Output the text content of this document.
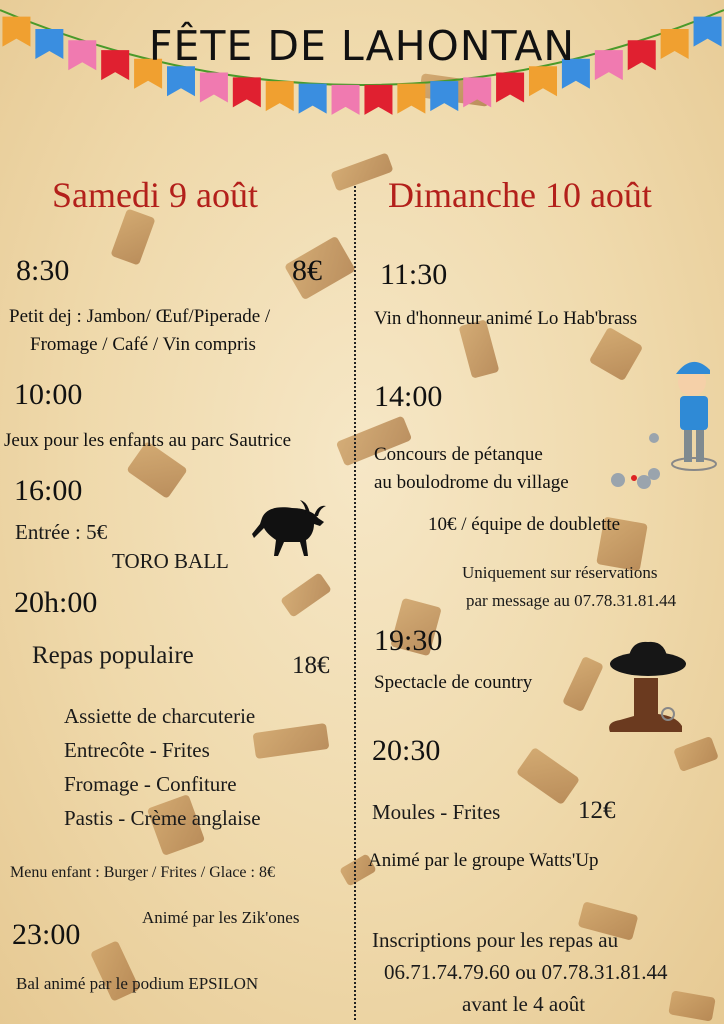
FÊTE DE LAHONTAN
Samedi 9 août
8:30	8€
Petit dej : Jambon/ Œuf/Piperade /
Fromage / Café / Vin compris
10:00
Jeux pour les enfants au parc Sautrice
16:00
Entrée : 5€
TORO BALL
20h:00
Repas populaire	18€
Assiette de charcuterie
Entrecôte - Frites
Fromage - Confiture
Pastis - Crème anglaise
Menu enfant : Burger / Frites / Glace : 8€
Animé par les Zik'ones
23:00
Bal animé par le podium EPSILON
Dimanche 10 août
11:30
Vin d'honneur animé Lo Hab'brass
14:00
Concours de pétanque
au boulodrome du village
10€ / équipe de doublette
Uniquement sur réservations
par message au 07.78.31.81.44
19:30
Spectacle de country
20:30
Moules - Frites	12€
Animé par le groupe Watts'Up
Inscriptions pour les repas au
06.71.74.79.60 ou 07.78.31.81.44
avant le 4 août
